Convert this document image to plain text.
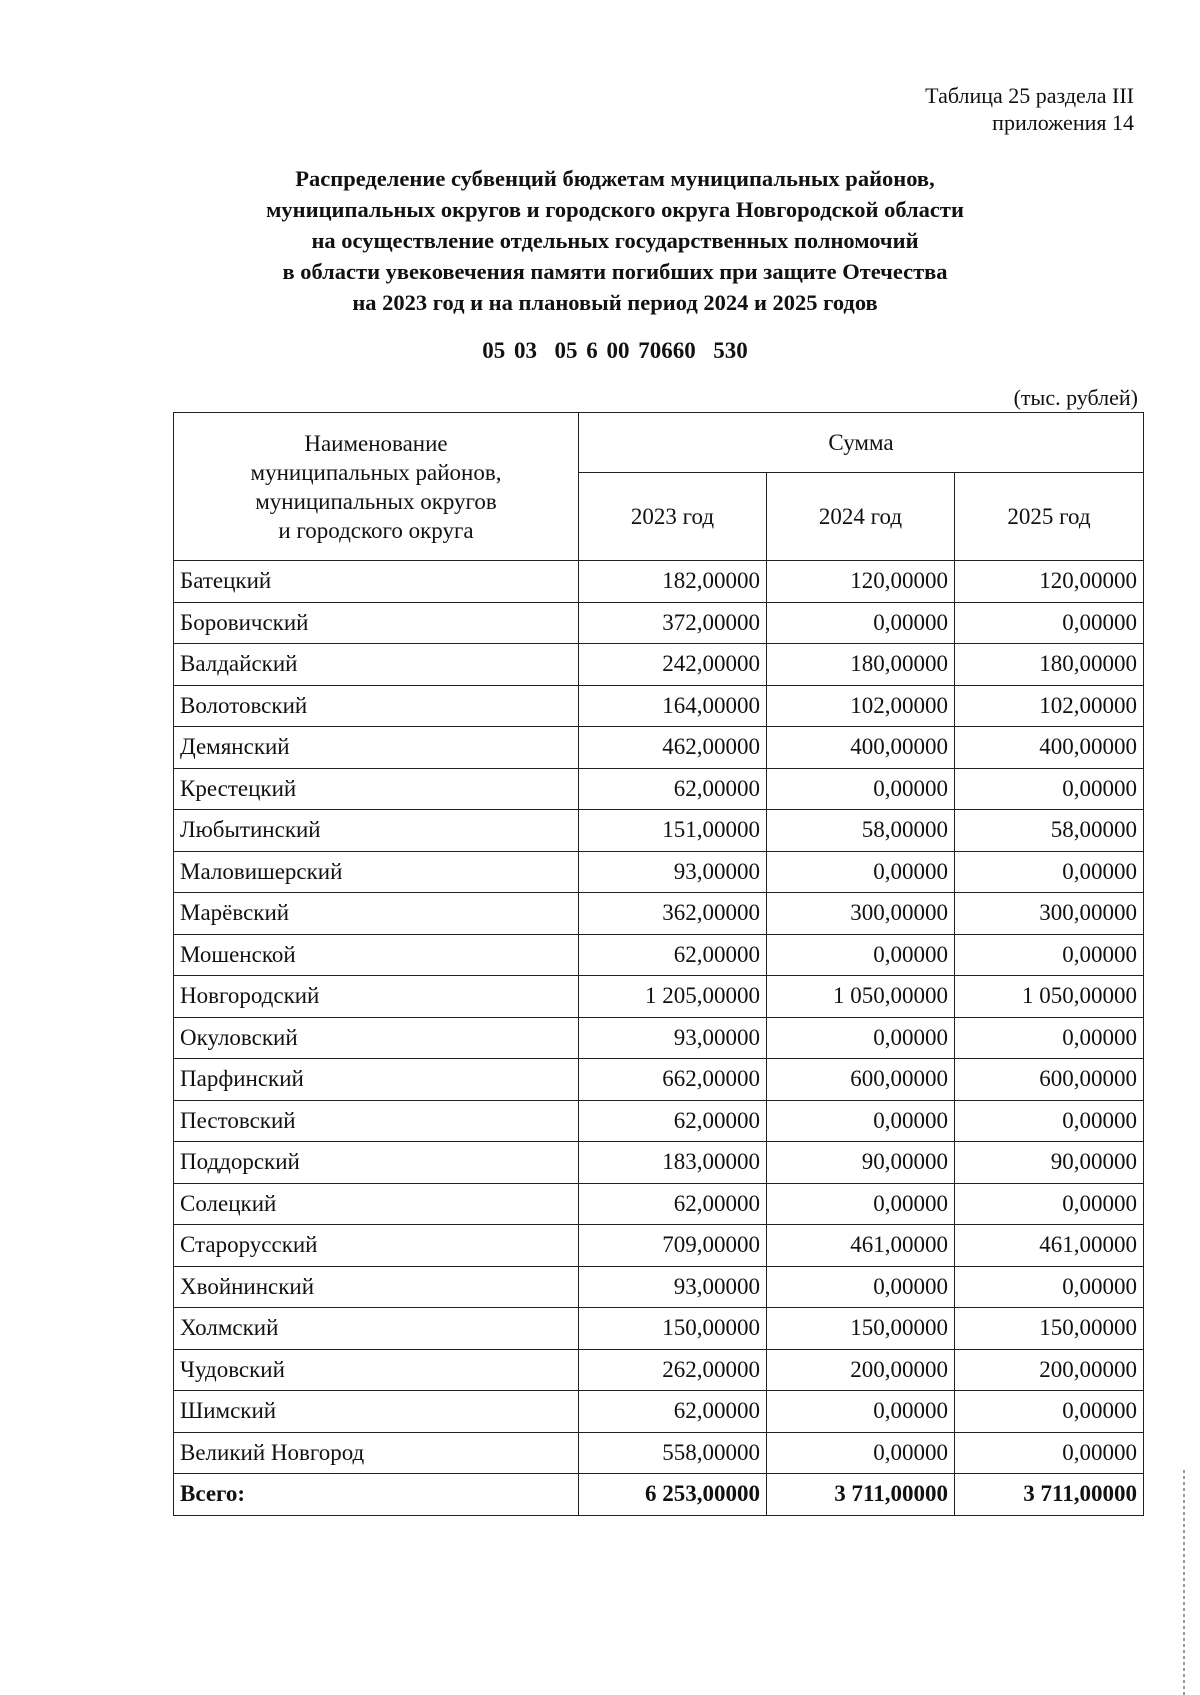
Таблица 25 раздела III
приложения 14
Распределение субвенций бюджетам муниципальных районов,
муниципальных округов и городского округа Новгородской области
на осуществление отдельных государственных полномочий
в области увековечения памяти погибших при защите Отечества
на 2023 год и на плановый период 2024 и 2025 годов
05 03  05 6 00 70660  530
(тыс. рублей)
Наименование
муниципальных районов,
муниципальных округов
и городского округа	Сумма		
	2023 год	2024 год	2025 год
Батецкий	182,00000	120,00000	120,00000
Боровичский	372,00000	0,00000	0,00000
Валдайский	242,00000	180,00000	180,00000
Волотовский	164,00000	102,00000	102,00000
Демянский	462,00000	400,00000	400,00000
Крестецкий	62,00000	0,00000	0,00000
Любытинский	151,00000	58,00000	58,00000
Маловишерский	93,00000	0,00000	0,00000
Марёвский	362,00000	300,00000	300,00000
Мошенской	62,00000	0,00000	0,00000
Новгородский	1 205,00000	1 050,00000	1 050,00000
Окуловский	93,00000	0,00000	0,00000
Парфинский	662,00000	600,00000	600,00000
Пестовский	62,00000	0,00000	0,00000
Поддорский	183,00000	90,00000	90,00000
Солецкий	62,00000	0,00000	0,00000
Старорусский	709,00000	461,00000	461,00000
Хвойнинский	93,00000	0,00000	0,00000
Холмский	150,00000	150,00000	150,00000
Чудовский	262,00000	200,00000	200,00000
Шимский	62,00000	0,00000	0,00000
Великий Новгород	558,00000	0,00000	0,00000
Всего:	6 253,00000	3 711,00000	3 711,00000
